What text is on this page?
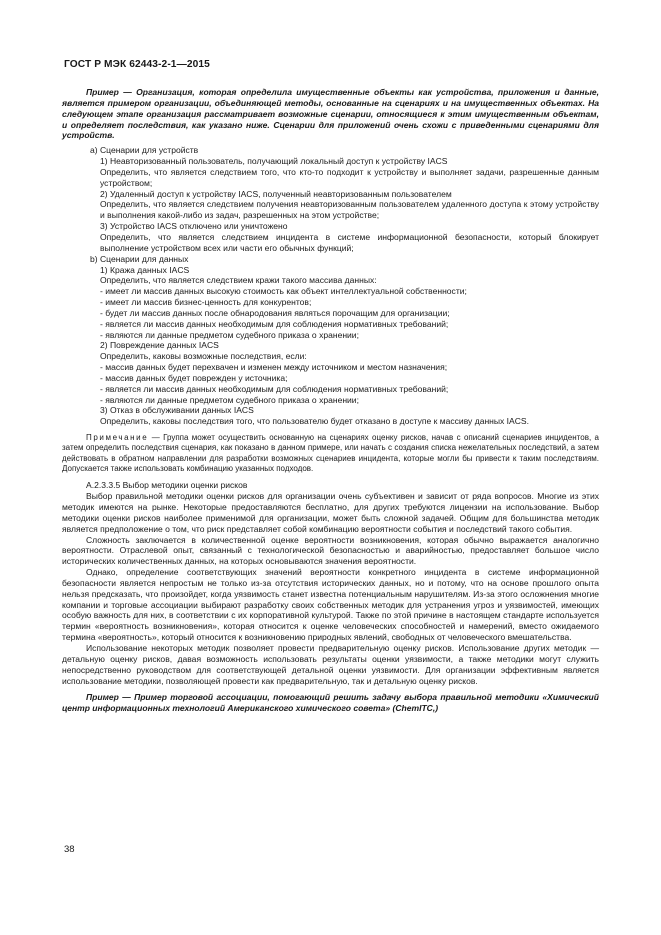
ГОСТ Р МЭК 62443-2-1—2015

Пример — Организация, которая определила имущественные объекты как устройства, приложения и данные, является примером организации, объединяющей методы, основанные на сценариях и на имущественных объектах. На следующем этапе организация рассматривает возможные сценарии, относящиеся к этим имущественным объектам, и определяет последствия, как указано ниже. Сценарии для приложений очень схожи с приведенными сценариями для устройств.

а) Сценарии для устройств

1) Неавторизованный пользователь, получающий локальный доступ к устройству IACS

Определить, что является следствием того, что кто-то подходит к устройству и выполняет задачи, разрешенные данным устройством;

2) Удаленный доступ к устройству IACS, полученный неавторизованным пользователем

Определить, что является следствием получения неавторизованным пользователем удаленного доступа к этому устройству и выполнения какой-либо из задач, разрешенных на этом устройстве;

3) Устройство IACS отключено или уничтожено

Определить, что является следствием инцидента в системе информационной безопасности, который блокирует выполнение устройством всех или части его обычных функций;

b) Сценарии для данных

1) Кража данных IACS

Определить, что является следствием кражи такого массива данных:

- имеет ли массив данных высокую стоимость как объект интеллектуальной собственности;

- имеет ли массив бизнес-ценность для конкурентов;

- будет ли массив данных после обнародования являться порочащим для организации;

- является ли массив данных необходимым для соблюдения нормативных требований;

- являются ли данные предметом судебного приказа о хранении;

2) Повреждение данных IACS

Определить, каковы возможные последствия, если:

- массив данных будет перехвачен и изменен между источником и местом назначения;

- массив данных будет поврежден у источника;

- является ли массив данных необходимым для соблюдения нормативных требований;

- являются ли данные предметом судебного приказа о хранении;

3) Отказ в обслуживании данных IACS

Определить, каковы последствия того, что пользователю будет отказано в доступе к массиву данных IACS.

Примечание — Группа может осуществить основанную на сценариях оценку рисков, начав с описаний сценариев инцидентов, а затем определить последствия сценария, как показано в данном примере, или начать с создания списка нежелательных последствий, а затем действовать в обратном направлении для разработки возможных сценариев инцидента, которые могли бы привести к таким последствиям. Допускается также использовать комбинацию указанных подходов.

А.2.3.3.5 Выбор методики оценки рисков

Выбор правильной методики оценки рисков для организации очень субъективен и зависит от ряда вопросов. Многие из этих методик имеются на рынке. Некоторые предоставляются бесплатно, для других требуются лицензии на использование. Выбор методики оценки рисков наиболее применимой для организации, может быть сложной задачей. Общим для большинства методик является предположение о том, что риск представляет собой комбинацию вероятности события и последствий такого события.

Сложность заключается в количественной оценке вероятности возникновения, которая обычно выражается аналогично вероятности. Отраслевой опыт, связанный с технологической безопасностью и аварийностью, предоставляет большое число исторических количественных данных, на которых основываются значения вероятности.

Однако, определение соответствующих значений вероятности конкретного инцидента в системе информационной безопасности является непростым не только из-за отсутствия исторических данных, но и потому, что на основе прошлого опыта нельзя предсказать, что произойдет, когда уязвимость станет известна потенциальным нарушителям. Из-за этого осложнения многие компании и торговые ассоциации выбирают разработку своих собственных методик для устранения угроз и уязвимостей, имеющих особую важность для них, в соответствии с их корпоративной культурой. Также по этой причине в настоящем стандарте используется термин «вероятность возникновения», которая относится к оценке человеческих способностей и намерений, вместо ожидаемого термина «вероятность», который относится к возникновению природных явлений, свободных от человеческого вмешательства.

Использование некоторых методик позволяет провести предварительную оценку рисков. Использование других методик — детальную оценку рисков, давая возможность использовать результаты оценки уязвимости, а также методики могут служить непосредственно руководством для соответствующей детальной оценки уязвимости. Для организации эффективным является использование методики, позволяющей провести как предварительную, так и детальную оценку рисков.

Пример — Пример торговой ассоциации, помогающий решить задачу выбора правильной методики «Химический центр информационных технологий Американского химического совета» (ChemITC,)

38
